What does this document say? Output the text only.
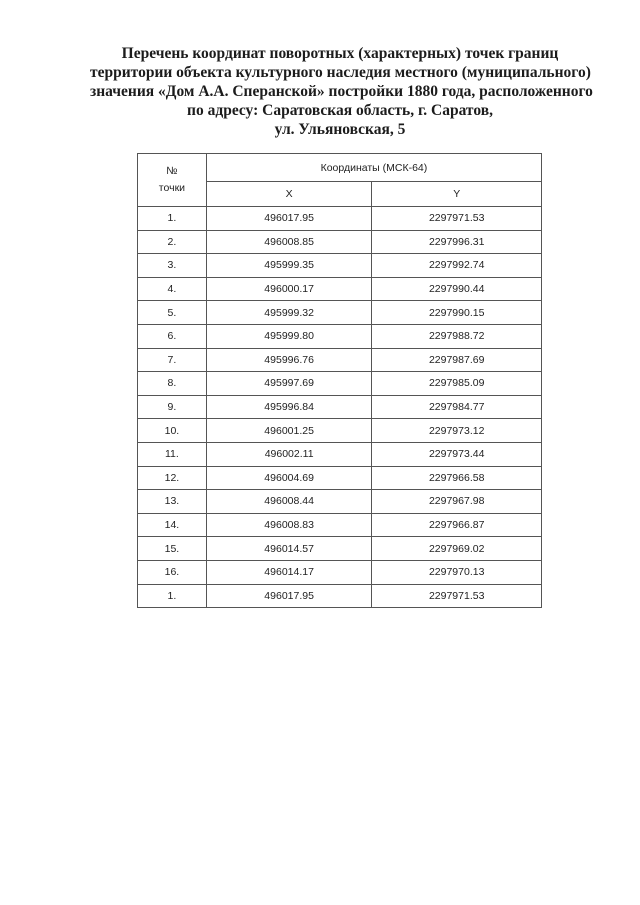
Перечень координат поворотных (характерных) точек границ
территории объекта культурного наследия местного (муниципального)
значения «Дом А.А. Сперанской» постройки 1880 года, расположенного
по адресу: Саратовская область, г. Саратов,
ул. Ульяновская, 5
№
точки	Координаты (МСК-64)	
	X	Y
1.	496017.95	2297971.53
2.	496008.85	2297996.31
3.	495999.35	2297992.74
4.	496000.17	2297990.44
5.	495999.32	2297990.15
6.	495999.80	2297988.72
7.	495996.76	2297987.69
8.	495997.69	2297985.09
9.	495996.84	2297984.77
10.	496001.25	2297973.12
11.	496002.11	2297973.44
12.	496004.69	2297966.58
13.	496008.44	2297967.98
14.	496008.83	2297966.87
15.	496014.57	2297969.02
16.	496014.17	2297970.13
1.	496017.95	2297971.53
